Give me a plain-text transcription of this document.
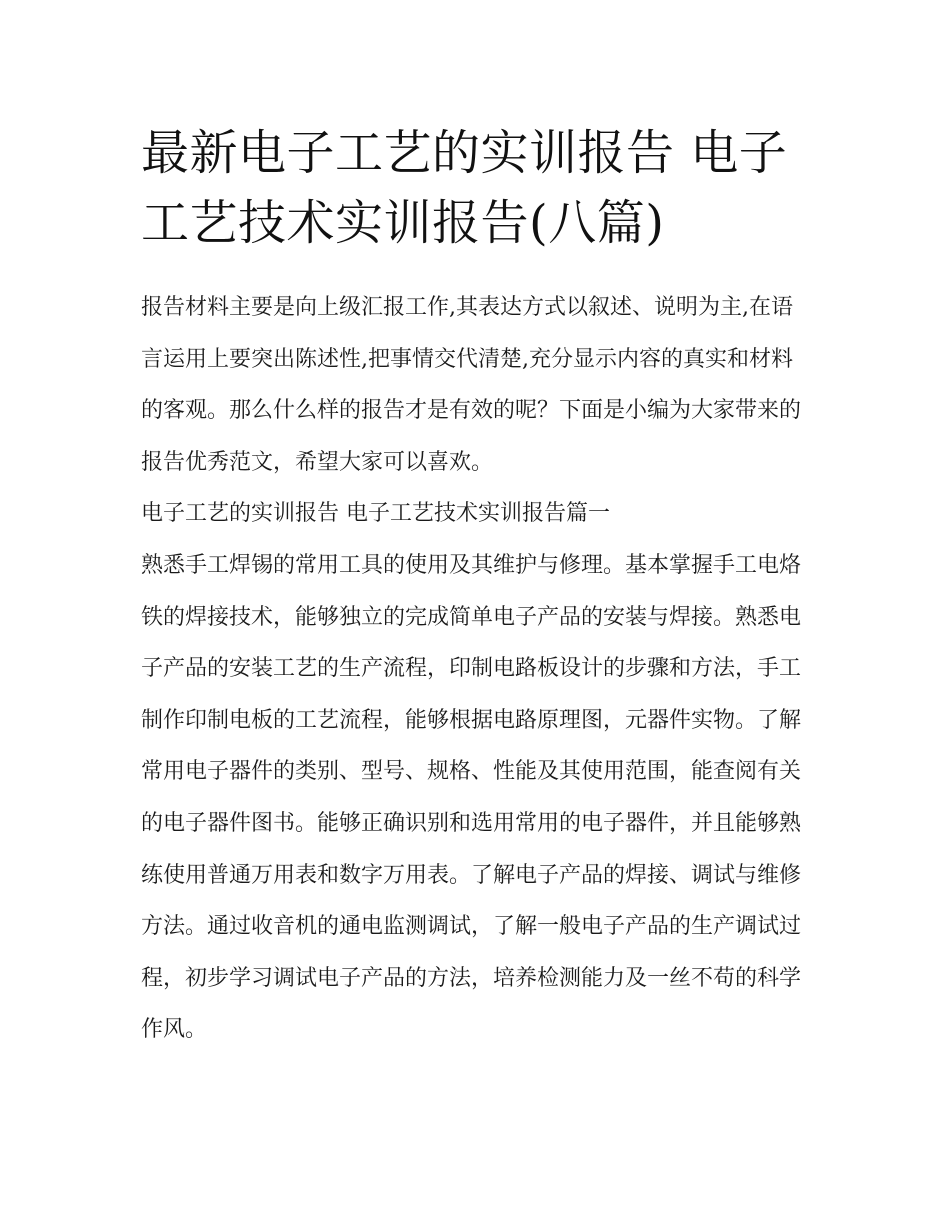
最新电子工艺的实训报告 电子工艺技术实训报告(八篇)

报告材料主要是向上级汇报工作,其表达方式以叙述、说明为主,在语言运用上要突出陈述性,把事情交代清楚,充分显示内容的真实和材料的客观。那么什么样的报告才是有效的呢？下面是小编为大家带来的报告优秀范文，希望大家可以喜欢。

电子工艺的实训报告 电子工艺技术实训报告篇一

熟悉手工焊锡的常用工具的使用及其维护与修理。基本掌握手工电烙铁的焊接技术，能够独立的完成简单电子产品的安装与焊接。熟悉电子产品的安装工艺的生产流程，印制电路板设计的步骤和方法，手工制作印制电板的工艺流程，能够根据电路原理图，元器件实物。了解常用电子器件的类别、型号、规格、性能及其使用范围，能查阅有关的电子器件图书。能够正确识别和选用常用的电子器件，并且能够熟练使用普通万用表和数字万用表。了解电子产品的焊接、调试与维修方法。通过收音机的通电监测调试，了解一般电子产品的生产调试过程，初步学习调试电子产品的方法，培养检测能力及一丝不苟的科学作风。
